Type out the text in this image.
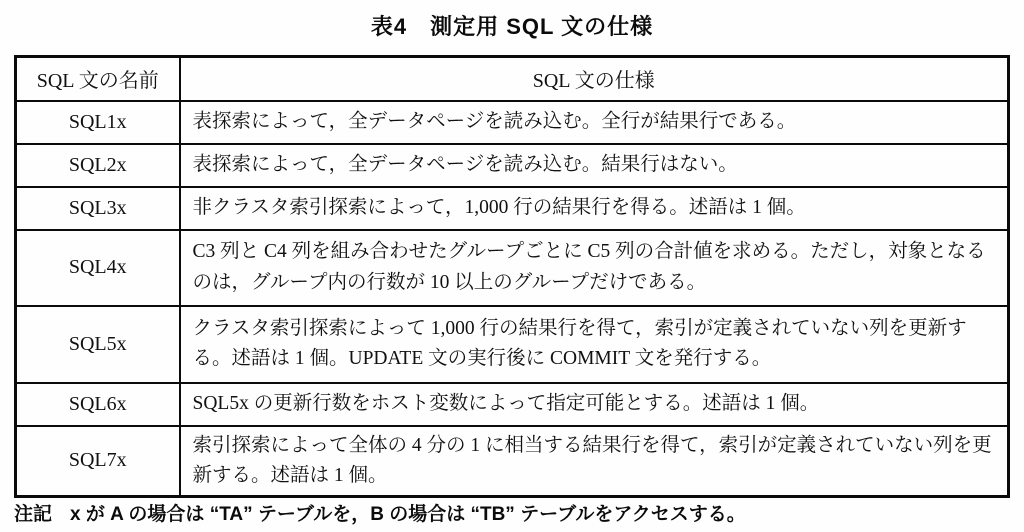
表4　測定用 SQL 文の仕様
SQL 文の名前	SQL 文の仕様
SQL1x	表探索によって，全データページを読み込む。全行が結果行である。
SQL2x	表探索によって，全データページを読み込む。結果行はない。
SQL3x	非クラスタ索引探索によって，1,000 行の結果行を得る。述語は 1 個。
SQL4x	C3 列と C4 列を組み合わせたグループごとに C5 列の合計値を求める。ただし，対象となるのは，グループ内の行数が 10 以上のグループだけである。
SQL5x	クラスタ索引探索によって 1,000 行の結果行を得て，索引が定義されていない列を更新する。述語は 1 個。UPDATE 文の実行後に COMMIT 文を発行する。
SQL6x	SQL5x の更新行数をホスト変数によって指定可能とする。述語は 1 個。
SQL7x	索引探索によって全体の 4 分の 1 に相当する結果行を得て，索引が定義されていない列を更新する。述語は 1 個。
注記 x が A の場合は “TA” テーブルを，B の場合は “TB” テーブルをアクセスする。
